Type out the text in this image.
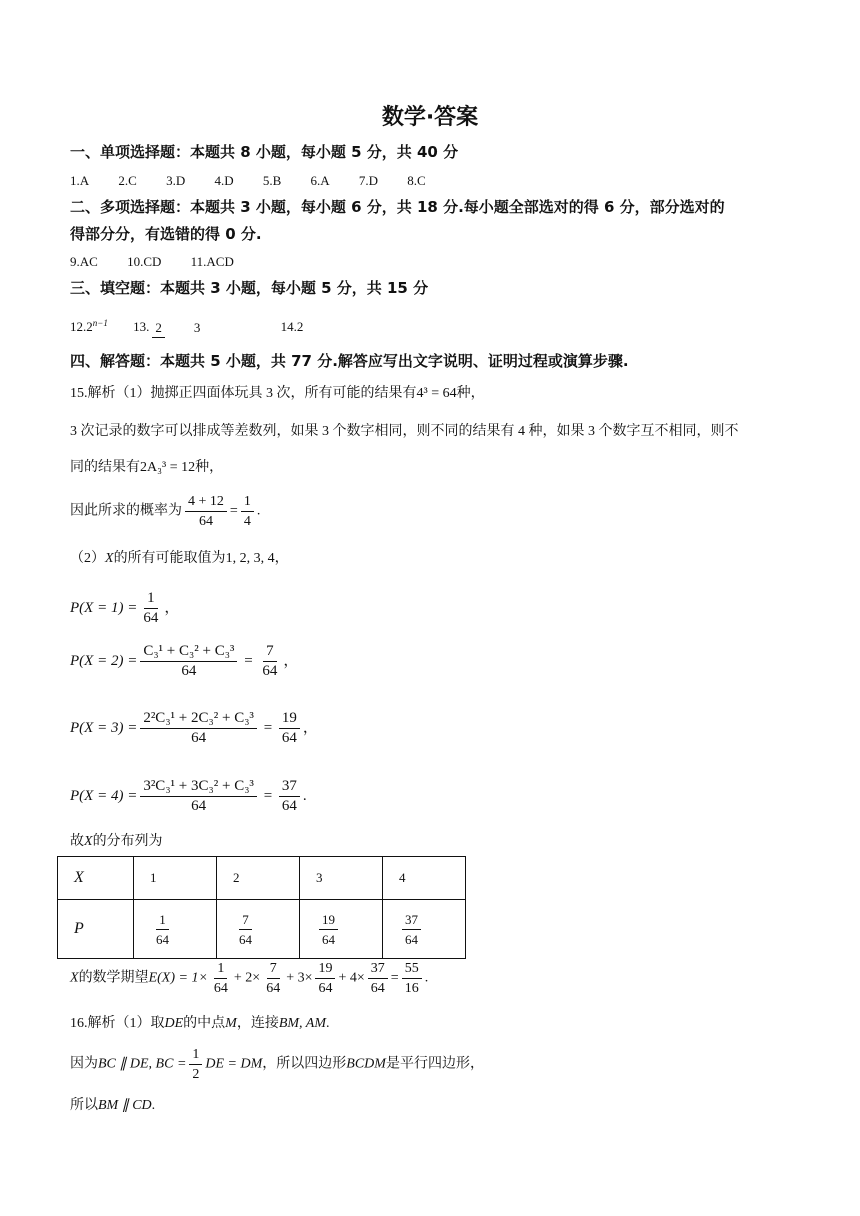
数学·答案
一、单项选择题：本题共 8 小题，每小题 5 分，共 40 分
1.A 2.C 3.D 4.D 5.B 6.A 7.D 8.C
二、多项选择题：本题共 3 小题，每小题 6 分，共 18 分.每小题全部选对的得 6 分，部分选对的
得部分分，有选错的得 0 分.
9.AC 10.CD 11.ACD
三、填空题：本题共 3 小题，每小题 5 分，共 15 分
$12.2^{n-1}$ 13. 2 3	14.2
四、解答题：本题共 5 小题，共 77 分.解答应写出文字说明、证明过程或演算步骤.
15.解析（1）抛掷正四面体玩具 3 次，所有可能的结果有4³ = 64种，
3 次记录的数字可以排成等差数列，如果 3 个数字相同，则不同的结果有 4 种，如果 3 个数字互不相同，则不
同的结果有2A₃³ = 12种，
因此所求的概率为 $\frac{4 + 12}{64} = \frac{1}{4}$ .
（2）X的所有可能取值为1, 2, 3, 4，
$P(X = 1) = \frac{1}{64}$ ，
$P(X = 2) = \frac{\text{C₃¹ + C₃² + C₃³}}{64} = \frac{7}{64}$ ，
$P(X = 3) = \frac{\text{2²C₃¹ + 2C₃² + C₃³}}{64} = \frac{19}{64}$ ，
$P(X = 4) = \frac{\text{3²C₃¹ + 3C₃² + C₃³}}{64} = \frac{37}{64}$ .
故X的分布列为
X	1	2	3	4
P	$\frac{1}{64}$	$\frac{7}{64}$	$\frac{19}{64}$	$\frac{37}{64}$
X的数学期望$E(X) = 1\times \frac{1}{64} + 2\times \frac{7}{64} + 3\times \frac{19}{64} + 4\times \frac{37}{64} = \frac{55}{16}$ .
16.解析（1）取DE的中点M，连接BM, AM.
因为BC ∥ DE, BC = $\frac{1}{2}$ DE = DM，所以四边形BCDM是平行四边形，
所以BM ∥ CD.
